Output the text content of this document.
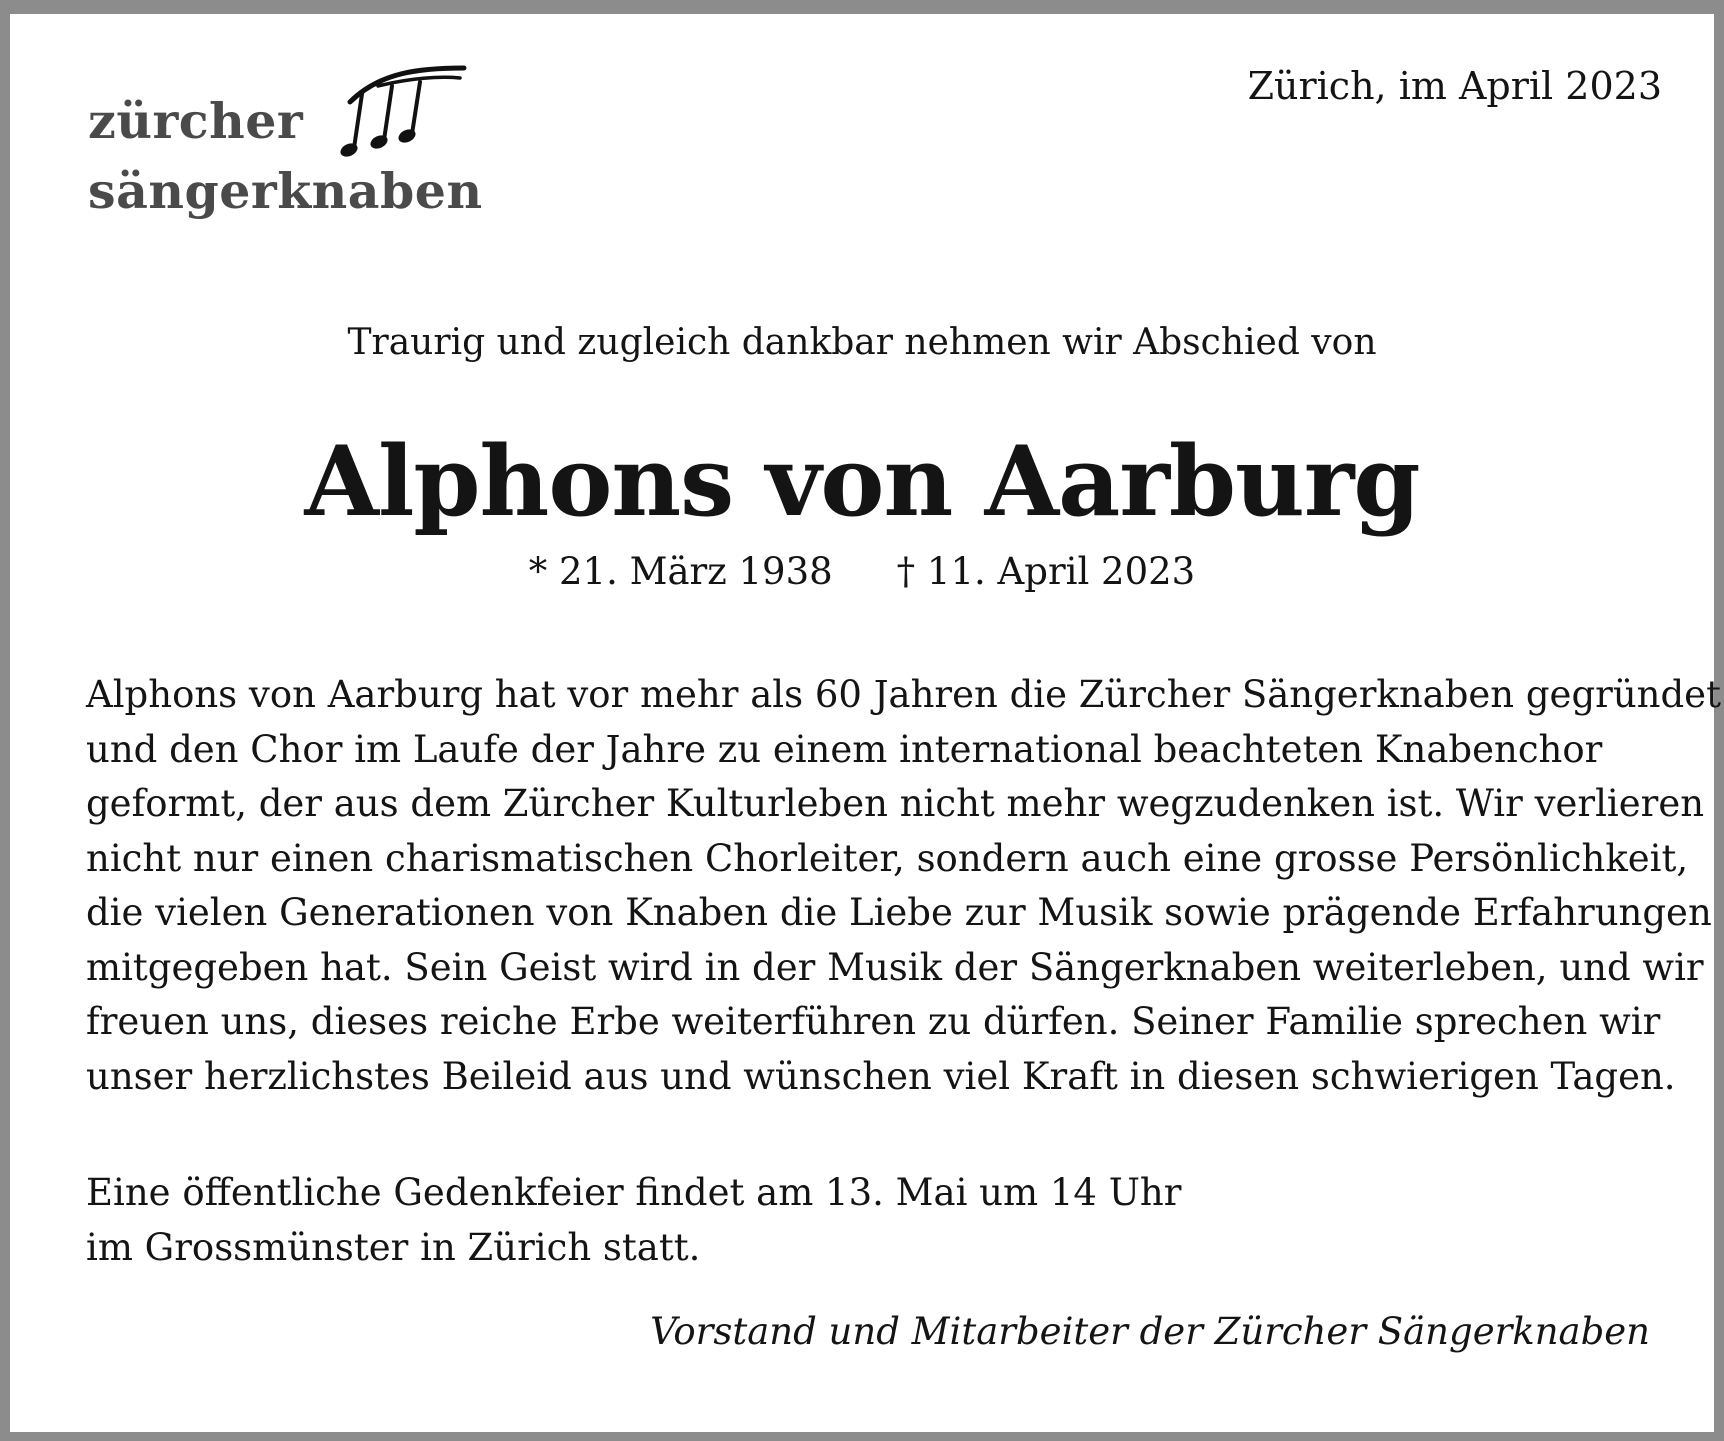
zürcher
sängerknaben
Zürich, im April 2023
Traurig und zugleich dankbar nehmen wir Abschied von
Alphons von Aarburg
* 21. März 1938 † 11. April 2023
Alphons von Aarburg hat vor mehr als 60 Jahren die Zürcher Sängerknaben gegründet
und den Chor im Laufe der Jahre zu einem international beachteten Knabenchor
geformt, der aus dem Zürcher Kulturleben nicht mehr wegzudenken ist. Wir verlieren
nicht nur einen charismatischen Chorleiter, sondern auch eine grosse Persönlichkeit,
die vielen Generationen von Knaben die Liebe zur Musik sowie prägende Erfahrungen
mitgegeben hat. Sein Geist wird in der Musik der Sängerknaben weiterleben, und wir
freuen uns, dieses reiche Erbe weiterführen zu dürfen. Seiner Familie sprechen wir
unser herzlichstes Beileid aus und wünschen viel Kraft in diesen schwierigen Tagen.
Eine öffentliche Gedenkfeier findet am 13. Mai um 14 Uhr
im Grossmünster in Zürich statt.
Vorstand und Mitarbeiter der Zürcher Sängerknaben
